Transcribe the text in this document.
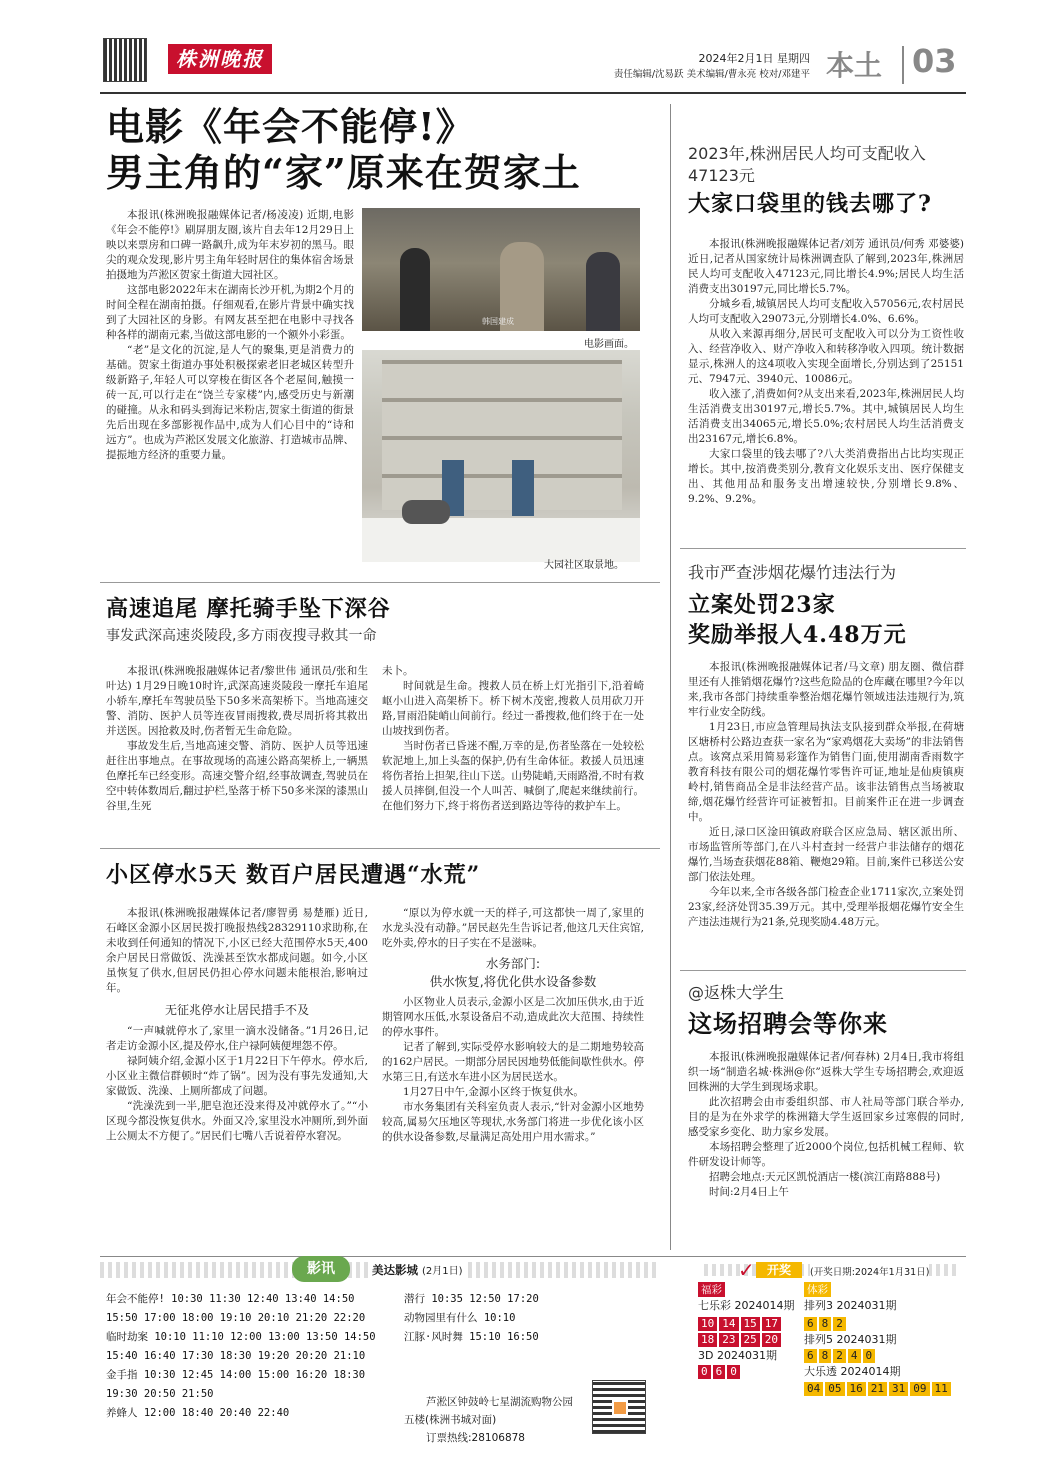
株洲晚报	2024年2月1日 星期四
责任编辑/沈易跃 美术编辑/曹永亮 校对/邓建平 本土 03
电影《年会不能停!》
男主角的“家”原来在贺家土

本报讯(株洲晚报融媒体记者/杨凌凌) 近期,电影《年会不能停!》刷屏朋友圈,该片自去年12月29日上映以来票房和口碑一路飙升,成为年末岁初的黑马。眼尖的观众发现,影片男主角年轻时居住的集体宿舍场景拍摄地为芦淞区贺家土街道大园社区。

这部电影2022年末在湖南长沙开机,为期2个月的时间全程在湖南拍摄。仔细观看,在影片背景中确实找到了大园社区的身影。有网友甚至把在电影中寻找各种各样的湖南元素,当做这部电影的一个额外小彩蛋。

“老”是文化的沉淀,是人气的聚集,更是消费力的基础。贺家土街道办事处积极探索老旧老城区转型升级新路子,年轻人可以穿梭在街区各个老屋间,触摸一砖一瓦,可以行走在“饶兰专家楼”内,感受历史与新潮的碰撞。从永和码头到海记米粉店,贺家土街道的街景先后出现在多部影视作品中,成为人们心目中的“诗和远方”。也成为芦淞区发展文化旅游、打造城市品牌、提振地方经济的重要力量。

韩国建成
电影画面。
大园社区取景地。
2023年,株洲居民人均可支配收入47123元
大家口袋里的钱去哪了?

本报讯(株洲晚报融媒体记者/刘芳 通讯员/何秀 邓婆婆) 近日,记者从国家统计局株洲调查队了解到,2023年,株洲居民人均可支配收入47123元,同比增长4.9%;居民人均生活消费支出30197元,同比增长5.7%。

分城乡看,城镇居民人均可支配收入57056元,农村居民人均可支配收入29073元,分别增长4.0%、6.6%。

从收入来源再细分,居民可支配收入可以分为工资性收入、经营净收入、财产净收入和转移净收入四项。统计数据显示,株洲人的这4项收入实现全面增长,分别达到了25151元、7947元、3940元、10086元。

收入涨了,消费如何?从支出来看,2023年,株洲居民人均生活消费支出30197元,增长5.7%。其中,城镇居民人均生活消费支出34065元,增长5.0%;农村居民人均生活消费支出23167元,增长6.8%。

大家口袋里的钱去哪了?八大类消费指出占比均实现正增长。其中,按消费类别分,教育文化娱乐支出、医疗保健支出、其他用品和服务支出增速较快,分别增长9.8%、9.2%、9.2%。

我市严查涉烟花爆竹违法行为
立案处罚23家
奖励举报人4.48万元

本报讯(株洲晚报融媒体记者/马文章) 朋友圈、微信群里还有人推销烟花爆竹?这些危险品的仓库藏在哪里?今年以来,我市各部门持续重拳整治烟花爆竹领域违法违规行为,筑牢行业安全防线。

1月23日,市应急管理局执法支队接到群众举报,在荷塘区塘桥村公路边查获一家名为“家鸡烟花大卖场”的非法销售点。该窝点采用简易彩篷作为销售门面,使用湖南香雨数字教育科技有限公司的烟花爆竹零售许可证,地址是仙庾镇庾岭村,销售商品全是非法经营产品。该非法销售点当场被取缔,烟花爆竹经营许可证被暂扣。目前案件正在进一步调查中。

近日,渌口区淦田镇政府联合区应急局、辖区派出所、市场监管所等部门,在八斗村查封一经营户非法储存的烟花爆竹,当场查获烟花88箱、鞭炮29箱。目前,案件已移送公安部门依法处理。

今年以来,全市各级各部门检查企业1711家次,立案处罚23家,经济处罚35.39万元。其中,受理举报烟花爆竹安全生产违法违规行为21条,兑现奖励4.48万元。

@返株大学生
这场招聘会等你来

本报讯(株洲晚报融媒体记者/何春林) 2月4日,我市将组织一场“制造名城·株洲@你”返株大学生专场招聘会,欢迎返回株洲的大学生到现场求职。

此次招聘会由市委组织部、市人社局等部门联合举办,目的是为在外求学的株洲籍大学生返回家乡过寒假的同时,感受家乡变化、助力家乡发展。

本场招聘会整理了近2000个岗位,包括机械工程师、软件研发设计师等。

招聘会地点:天元区凯悦酒店一楼(滨江南路888号)

时间:2月4日上午

高速追尾 摩托骑手坠下深谷
事发武深高速炎陵段,多方雨夜搜寻救其一命

本报讯(株洲晚报融媒体记者/黎世伟 通讯员/张和生 叶达) 1月29日晚10时许,武深高速炎陵段一摩托车追尾小轿车,摩托车驾驶员坠下50多米高架桥下。当地高速交警、消防、医护人员等连夜冒雨搜救,费尽周折将其救出并送医。因抢救及时,伤者暂无生命危险。

事故发生后,当地高速交警、消防、医护人员等迅速赶往出事地点。在事故现场的高速公路高架桥上,一辆黑色摩托车已经变形。高速交警介绍,经事故调查,驾驶员在空中转体数周后,翻过护栏,坠落于桥下50多米深的漆黑山谷里,生死

未卜。

时间就是生命。搜救人员在桥上灯光指引下,沿着崎岖小山进入高架桥下。桥下树木茂密,搜救人员用砍刀开路,冒雨沿陡峭山间前行。经过一番搜救,他们终于在一处山坡找到伤者。

当时伤者已昏迷不醒,万幸的是,伤者坠落在一处较松软泥地上,加上头盔的保护,仍有生命体征。救援人员迅速将伤者抬上担架,往山下送。山势陡峭,天雨路滑,不时有救援人员摔倒,但没一个人叫苦、喊倒了,爬起来继续前行。在他们努力下,终于将伤者送到路边等待的救护车上。

小区停水5天 数百户居民遭遇“水荒”

本报讯(株洲晚报融媒体记者/廖智勇 易楚雁) 近日,石峰区金源小区居民拨打晚报热线28329110求助称,在未收到任何通知的情况下,小区已经大范围停水5天,400余户居民日常做饭、洗澡甚至饮水都成问题。如今,小区虽恢复了供水,但居民仍担心停水问题未能根治,影响过年。

无征兆停水让居民措手不及

“一声喊就停水了,家里一滴水没储备。”1月26日,记者走访金源小区,提及停水,住户禄阿姨便埋怨不停。

禄阿姨介绍,金源小区于1月22日下午停水。停水后,小区业主微信群顿时“炸了锅”。因为没有事先发通知,大家做饭、洗澡、上厕所都成了问题。

“洗澡洗到一半,肥皂泡还没来得及冲就停水了。”“小区现今都没恢复供水。外面又冷,家里没水冲厕所,到外面上公厕太不方便了。”居民们七嘴八舌说着停水窘况。

“原以为停水就一天的样子,可这都快一周了,家里的水龙头没有动静。”居民赵先生告诉记者,他这几天住宾馆,吃外卖,停水的日子实在不是滋味。

水务部门:

供水恢复,将优化供水设备参数

小区物业人员表示,金源小区是二次加压供水,由于近期管网水压低,水泵设备启不动,造成此次大范围、持续性的停水事件。

记者了解到,实际受停水影响较大的是二期地势较高的162户居民。一期部分居民因地势低能间歇性供水。停水第三日,有送水车进小区为居民送水。

1月27日中午,金源小区终于恢复供水。

市水务集团有关科室负责人表示,“针对金源小区地势较高,属易欠压地区等现状,水务部门将进一步优化该小区的供水设备参数,尽量满足高处用户用水需求。”

影讯	美达影城 (2月1日)
年会不能停! 10:30 11:30 12:40 13:40 14:50
15:50 17:00 18:00 19:10 20:10 21:20 22:20
临时劫案 10:10 11:10 12:00 13:00 13:50 14:50
15:40 16:40 17:30 18:30 19:20 20:20 21:10
金手指 10:30 12:45 14:00 15:00 16:20 18:30
19:30 20:50 21:50
养蜂人 12:00 18:40 20:40 22:40
潜行 10:35 12:50 17:20
动物园里有什么 10:10
江豚·风时舞 15:10 16:50
芦淞区钟鼓岭七星湖流购物公园
五楼(株洲书城对面)
订票热线:28106878
✓	开奖	(开奖日期:2024年1月31日)
福彩	体彩
七乐彩 2024014期
10 14 15 17
18 23 25 20
3D 2024031期
0 6 0
排列3 2024031期
6 8 2
排列5 2024031期
6 8 2 4 0
大乐透 2024014期
04 05 16 21 31 09 11
